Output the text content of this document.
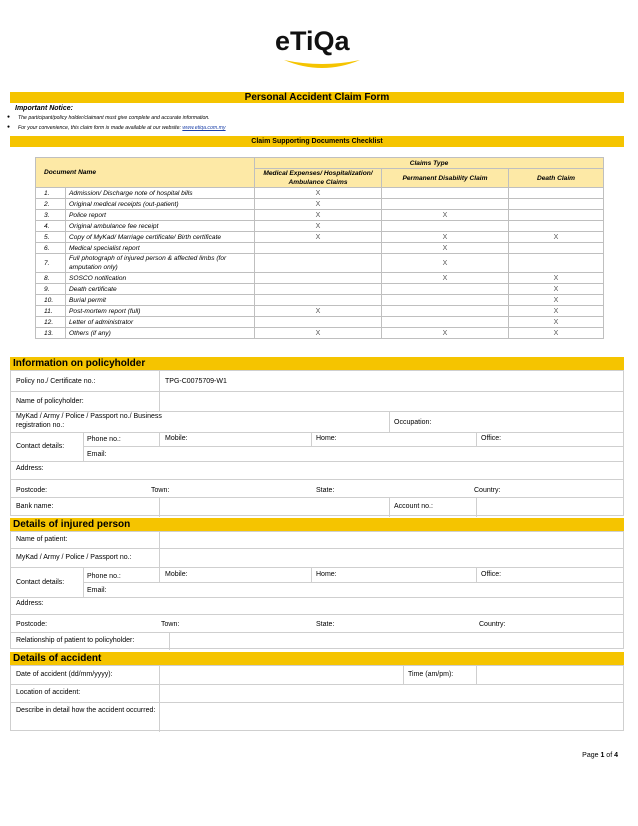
eTiQa
Personal Accident Claim Form
Important Notice:
● The participant/policy holder/claimant must give complete and accurate information.
● For your convenience, this claim form is made available at our website: www.etiqa.com.my
Claim Supporting Documents Checklist
Document Name		Claims Type		
		Medical Expenses/ Hospitalization/ Ambulance Claims	Permanent Disability Claim	Death Claim
1.	Admission/ Discharge note of hospital bills	X		
2.	Original medical receipts (out-patient)	X		
3.	Police report	X	X	
4.	Original ambulance fee receipt	X		
5.	Copy of MyKad/ Marriage certificate/ Birth certificate	X	X	X
6.	Medical specialist report		X	
7.	Full photograph of injured person & affected limbs (for amputation only)		X	
8.	SOSCO notification		X	X
9.	Death certificate			X
10.	Burial permit			X
11.	Post-mortem report (full)	X		X
12.	Letter of administrator			X
13.	Others (if any)	X	X	X
Information on policyholder
Policy no./ Certificate no.:	TPG-C0075709-W1
Name of policyholder:
MyKad / Army / Police / Passport no./ Business registration no.:	Occupation:
Contact details:
Phone no.:	Mobile:	Home:	Office:
Email:
Address:
Postcode:	Town:	State:	Country:
Bank name:	Account no.:
Details of injured person
Name of patient:
MyKad / Army / Police / Passport no.:
Contact details:
Phone no.:	Mobile:	Home:	Office:
Email:
Address:
Postcode:	Town:	State:	Country:
Relationship of patient to policyholder:
Details of accident
Date of accident (dd/mm/yyyy):	Time (am/pm):
Location of accident:
Describe in detail how the accident occurred:
Page 1 of 4
